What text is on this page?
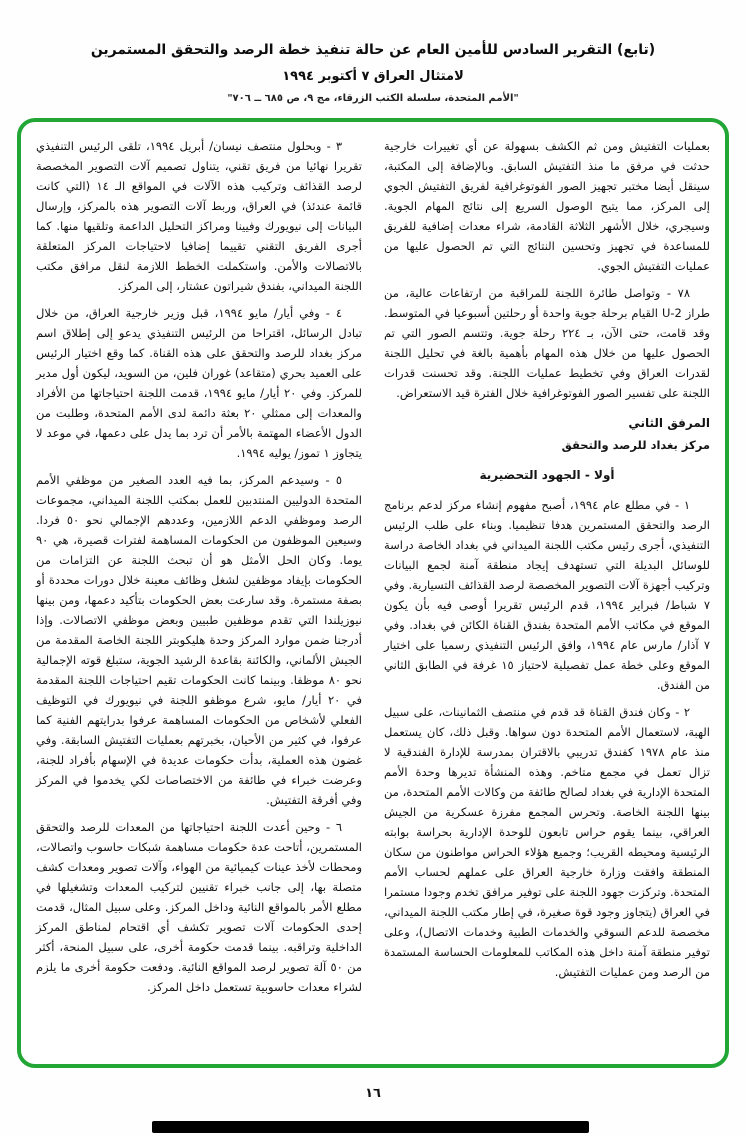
(تابع) التقرير السادس للأمين العام عن حالة تنفيذ خطة الرصد والتحقق المستمرين
لامتثال العراق ٧ أكتوبر ١٩٩٤
"الأمم المتحدة، سلسلة الكتب الزرقاء، مج ٩، ص ٦٨٥ ــ ٧٠٦"

بعمليات التفتيش ومن ثم الكشف بسهولة عن أي تغييرات خارجية حدثت في مرفق ما منذ التفتيش السابق. وبالإضافة إلى المكتبة، سينقل أيضا مختبر تجهيز الصور الفوتوغرافية لفريق التفتيش الجوي إلى المركز، مما يتيح الوصول السريع إلى نتائج المهام الجوية. وسيجري، خلال الأشهر الثلاثة القادمة، شراء معدات إضافية للفريق للمساعدة في تجهيز وتحسين النتائج التي تم الحصول عليها من عمليات التفتيش الجوي.

٧٨ - وتواصل طائرة اللجنة للمراقبة من ارتفاعات عالية، من طراز U-2 القيام برحلة جوية واحدة أو رحلتين أسبوعيا في المتوسط. وقد قامت، حتى الآن، بـ ٢٢٤ رحلة جوية. وتتسم الصور التي تم الحصول عليها من خلال هذه المهام بأهمية بالغة في تحليل اللجنة لقدرات العراق وفي تخطيط عمليات اللجنة. وقد تحسنت قدرات اللجنة على تفسير الصور الفوتوغرافية خلال الفترة قيد الاستعراض.

المرفق الثاني
مركز بغداد للرصد والتحقق
أولا - الجهود التحضيرية

١ - في مطلع عام ١٩٩٤، أصبح مفهوم إنشاء مركز لدعم برنامج الرصد والتحقق المستمرين هدفا تنظيميا. وبناء على طلب الرئيس التنفيذي، أجرى رئيس مكتب اللجنة الميداني في بغداد الخاصة دراسة للوسائل البديلة التي تستهدف إيجاد منطقة آمنة لجمع البيانات وتركيب أجهزة آلات التصوير المخصصة لرصد القذائف التسيارية. وفي ٧ شباط/ فبراير ١٩٩٤، قدم الرئيس تقريرا أوصى فيه بأن يكون الموقع في مكاتب الأمم المتحدة بفندق القناة الكائن في بغداد. وفي ٧ آذار/ مارس عام ١٩٩٤، وافق الرئيس التنفيذي رسميا على اختيار الموقع وعلى خطة عمل تفصيلية لاحتياز ١٥ غرفة في الطابق الثاني من الفندق.

٢ - وكان فندق القناة قد قدم في منتصف الثمانينات، على سبيل الهبة، لاستعمال الأمم المتحدة دون سواها. وقبل ذلك، كان يستعمل منذ عام ١٩٧٨ كفندق تدريبي بالاقتران بمدرسة للإدارة الفندقية لا تزال تعمل في مجمع متاخم. وهذه المنشأة تديرها وحدة الأمم المتحدة الإدارية في بغداد لصالح طائفة من وكالات الأمم المتحدة، من بينها اللجنة الخاصة. وتحرس المجمع مفرزة عسكرية من الجيش العراقي، بينما يقوم حراس تابعون للوحدة الإدارية بحراسة بوابته الرئيسية ومحيطه القريب؛ وجميع هؤلاء الحراس مواطنون من سكان المنطقة وافقت وزارة خارجية العراق على عملهم لحساب الأمم المتحدة. وتركزت جهود اللجنة على توفير مرافق تخدم وجودا مستمرا في العراق (يتجاوز وجود قوة صغيرة، في إطار مكتب اللجنة الميداني، مخصصة للدعم السوقي والخدمات الطبية وخدمات الاتصال)، وعلى توفير منطقة آمنة داخل هذه المكاتب للمعلومات الحساسة المستمدة من الرصد ومن عمليات التفتيش.

٣ - وبحلول منتصف نيسان/ أبريل ١٩٩٤، تلقى الرئيس التنفيذي تقريرا نهائيا من فريق تقني، يتناول تصميم آلات التصوير المخصصة لرصد القذائف وتركيب هذه الآلات في المواقع الـ ١٤ (التي كانت قائمة عندئذ) في العراق، وربط آلات التصوير هذه بالمركز، وإرسال البيانات إلى نيويورك وفيينا ومراكز التحليل الداعمة وتلقيها منها. كما أجرى الفريق التقني تقييما إضافيا لاحتياجات المركز المتعلقة بالاتصالات والأمن. واستكملت الخطط اللازمة لنقل مرافق مكتب اللجنة الميداني، بفندق شيراتون عشتار، إلى المركز.

٤ - وفي أيار/ مايو ١٩٩٤، قبل وزير خارجية العراق، من خلال تبادل الرسائل، اقتراحا من الرئيس التنفيذي يدعو إلى إطلاق اسم مركز بغداد للرصد والتحقق على هذه القناة. كما وقع اختيار الرئيس على العميد بحري (متقاعد) غوران فلين، من السويد، ليكون أول مدير للمركز. وفي ٢٠ أيار/ مايو ١٩٩٤، قدمت اللجنة احتياجاتها من الأفراد والمعدات إلى ممثلي ٢٠ بعثة دائمة لدى الأمم المتحدة، وطلبت من الدول الأعضاء المهتمة بالأمر أن ترد بما يدل على دعمها، في موعد لا يتجاوز ١ تموز/ يوليه ١٩٩٤.

٥ - وسيدعم المركز، بما فيه العدد الصغير من موظفي الأمم المتحدة الدوليين المنتدبين للعمل بمكتب اللجنة الميداني، مجموعات الرصد وموظفي الدعم اللازمين، وعددهم الإجمالي نحو ٥٠ فردا. وسيعين الموظفون من الحكومات المساهمة لفترات قصيرة، هي ٩٠ يوما. وكان الحل الأمثل هو أن تبحث اللجنة عن التزامات من الحكومات بإيفاد موظفين لشغل وظائف معينة خلال دورات محددة أو بصفة مستمرة. وقد سارعت بعض الحكومات بتأكيد دعمها، ومن بينها نيوزيلندا التي تقدم موظفين طبيين وبعض موظفي الاتصالات. وإذا أدرجنا ضمن موارد المركز وحدة هليكوبتر اللجنة الخاصة المقدمة من الجيش الألماني، والكائنة بقاعدة الرشيد الجوية، ستبلغ قوته الإجمالية نحو ٨٠ موظفا. وبينما كانت الحكومات تقيم احتياجات اللجنة المقدمة في ٢٠ أيار/ مايو، شرع موظفو اللجنة في نيويورك في التوظيف الفعلي لأشخاص من الحكومات المساهمة عرفوا بدرايتهم الفنية كما عرفوا، في كثير من الأحيان، بخبرتهم بعمليات التفتيش السابقة. وفي غضون هذه العملية، بدأت حكومات عديدة في الإسهام بأفراد للجنة، وعرضت خبراء في طائفة من الاختصاصات لكي يخدموا في المركز وفي أفرقة التفتيش.

٦ - وحين أعدت اللجنة احتياجاتها من المعدات للرصد والتحقق المستمرين، أتاحت عدة حكومات مساهمة شبكات حاسوب واتصالات، ومحطات لأخذ عينات كيميائية من الهواء، وآلات تصوير ومعدات كشف متصلة بها، إلى جانب خبراء تقنيين لتركيب المعدات وتشغيلها في مطلع الأمر بالمواقع النائية وداخل المركز. وعلى سبيل المثال، قدمت إحدى الحكومات آلات تصوير تكشف أي اقتحام لمناطق المركز الداخلية وتراقبه. بينما قدمت حكومة أخرى، على سبيل المنحة، أكثر من ٥٠ آلة تصوير لرصد المواقع النائية. ودفعت حكومة أخرى ما يلزم لشراء معدات حاسوبية تستعمل داخل المركز.

١٦
